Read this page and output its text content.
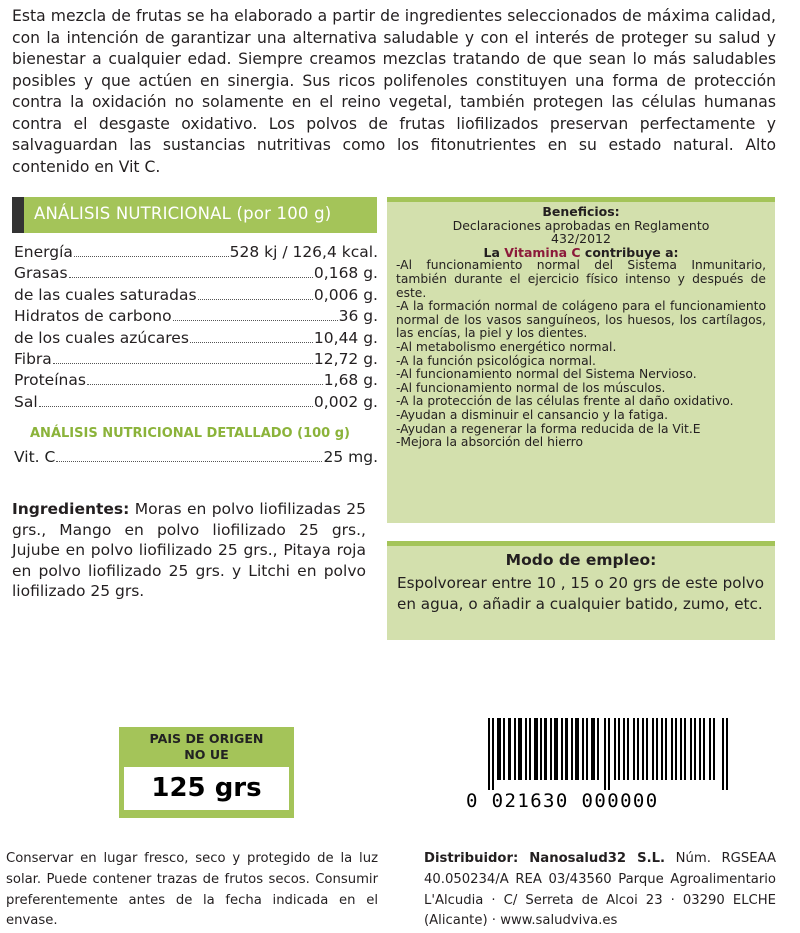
Esta mezcla de frutas se ha elaborado a partir de ingredientes seleccionados de máxima calidad, con la intención de garantizar una alternativa saludable y con el interés de proteger su salud y bienestar a cualquier edad. Siempre creamos mezclas tratando de que sean lo más saludables posibles y que actúen en sinergia. Sus ricos polifenoles constituyen una forma de protección contra la oxidación no solamente en el reino vegetal, también protegen las células humanas contra el desgaste oxidativo. Los polvos de frutas liofilizados preservan perfectamente y salvaguardan las sustancias nutritivas como los fitonutrientes en su estado natural. Alto contenido en Vit C.
ANÁLISIS NUTRICIONAL (por 100 g)
Energía	528 kj / 126,4 kcal.
Grasas	0,168 g.
de las cuales saturadas	0,006 g.
Hidratos de carbono	36 g.
de los cuales azúcares	10,44 g.
Fibra	12,72 g.
Proteínas	1,68 g.
Sal	0,002 g.
ANÁLISIS NUTRICIONAL DETALLADO (100 g)
Vit. C	25 mg.
Ingredientes: Moras en polvo liofilizadas 25 grs., Mango en polvo liofilizado 25 grs., Jujube en polvo liofilizado 25 grs., Pitaya roja en polvo liofilizado 25 grs. y Litchi en polvo liofilizado 25 grs.
Beneficios:
Declaraciones aprobadas en Reglamento
432/2012
La Vitamina C contribuye a:
-Al funcionamiento normal del Sistema Inmunitario, también durante el ejercicio físico intenso y después de este.
-A la formación normal de colágeno para el funcionamiento normal de los vasos sanguíneos, los huesos, los cartílagos, las encías, la piel y los dientes.
-Al metabolismo energético normal.
-A la función psicológica normal.
-Al funcionamiento normal del Sistema Nervioso.
-Al funcionamiento normal de los músculos.
-A la protección de las células frente al daño oxidativo.
-Ayudan a disminuir el cansancio y la fatiga.
-Ayudan a regenerar la forma reducida de la Vit.E
-Mejora la absorción del hierro
Modo de empleo:
Espolvorear entre 10 , 15 o 20 grs de este polvo en agua, o añadir a cualquier batido, zumo, etc.
PAIS DE ORIGEN
NO UE
125 grs	0 021630 000000
Conservar en lugar fresco, seco y protegido de la luz solar. Puede contener trazas de frutos secos. Consumir preferentemente antes de la fecha indicada en el envase.
Distribuidor: Nanosalud32 S.L. Núm. RGSEAA 40.050234/A REA 03/43560 Parque Agroalimentario L'Alcudia · C/ Serreta de Alcoi 23 · 03290 ELCHE (Alicante) · www.saludviva.es
